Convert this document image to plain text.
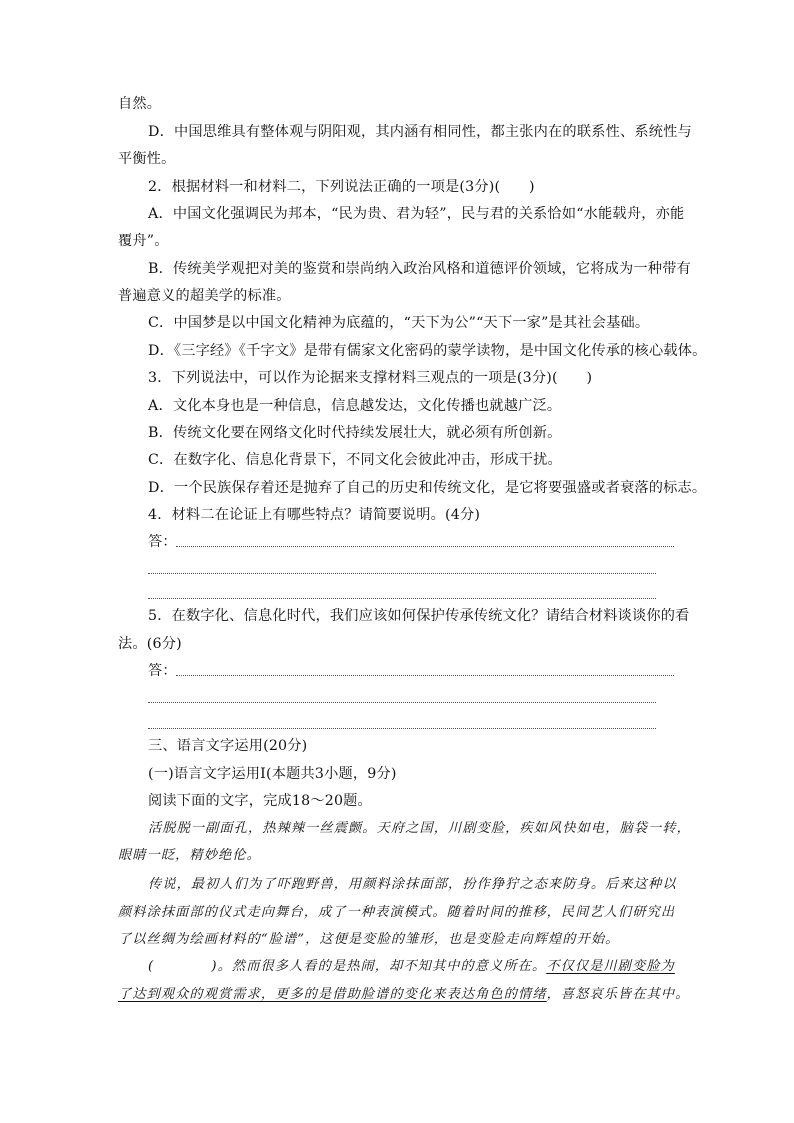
自然。
D．中国思维具有整体观与阴阳观，其内涵有相同性，都主张内在的联系性、系统性与
平衡性。
2．根据材料一和材料二，下列说法正确的一项是(3分)(　　)
A．中国文化强调民为邦本，“民为贵、君为轻”，民与君的关系恰如“水能载舟，亦能
覆舟”。
B．传统美学观把对美的鉴赏和崇尚纳入政治风格和道德评价领域，它将成为一种带有
普遍意义的超美学的标准。
C．中国梦是以中国文化精神为底蕴的，“天下为公”“天下一家”是其社会基础。
D．《三字经》《千字文》是带有儒家文化密码的蒙学读物，是中国文化传承的核心载体。
3．下列说法中，可以作为论据来支撑材料三观点的一项是(3分)(　　)
A．文化本身也是一种信息，信息越发达，文化传播也就越广泛。
B．传统文化要在网络文化时代持续发展壮大，就必须有所创新。
C．在数字化、信息化背景下，不同文化会彼此冲击，形成干扰。
D．一个民族保存着还是抛弃了自己的历史和传统文化，是它将要强盛或者衰落的标志。
4．材料二在论证上有哪些特点？请简要说明。(4分)
答：
5．在数字化、信息化时代，我们应该如何保护传承传统文化？请结合材料谈谈你的看
法。(6分)
答：
三、语言文字运用(20分)
(一)语言文字运用Ⅰ(本题共3小题，9分)
阅读下面的文字，完成18～20题。
活脱脱一副面孔，热辣辣一丝震颤。天府之国，川剧变脸，疾如风快如电，脑袋一转，
眼睛一眨，精妙绝伦。
传说，最初人们为了吓跑野兽，用颜料涂抹面部，扮作狰狞之态来防身。后来这种以
颜料涂抹面部的仪式走向舞台，成了一种表演模式。随着时间的推移，民间艺人们研究出
了以丝绸为绘画材料的“脸谱”，这便是变脸的雏形，也是变脸走向辉煌的开始。
(　　　　)。然而很多人看的是热闹，却不知其中的意义所在。不仅仅是川剧变脸为
了达到观众的观赏需求，更多的是借助脸谱的变化来表达角色的情绪，喜怒哀乐皆在其中。
